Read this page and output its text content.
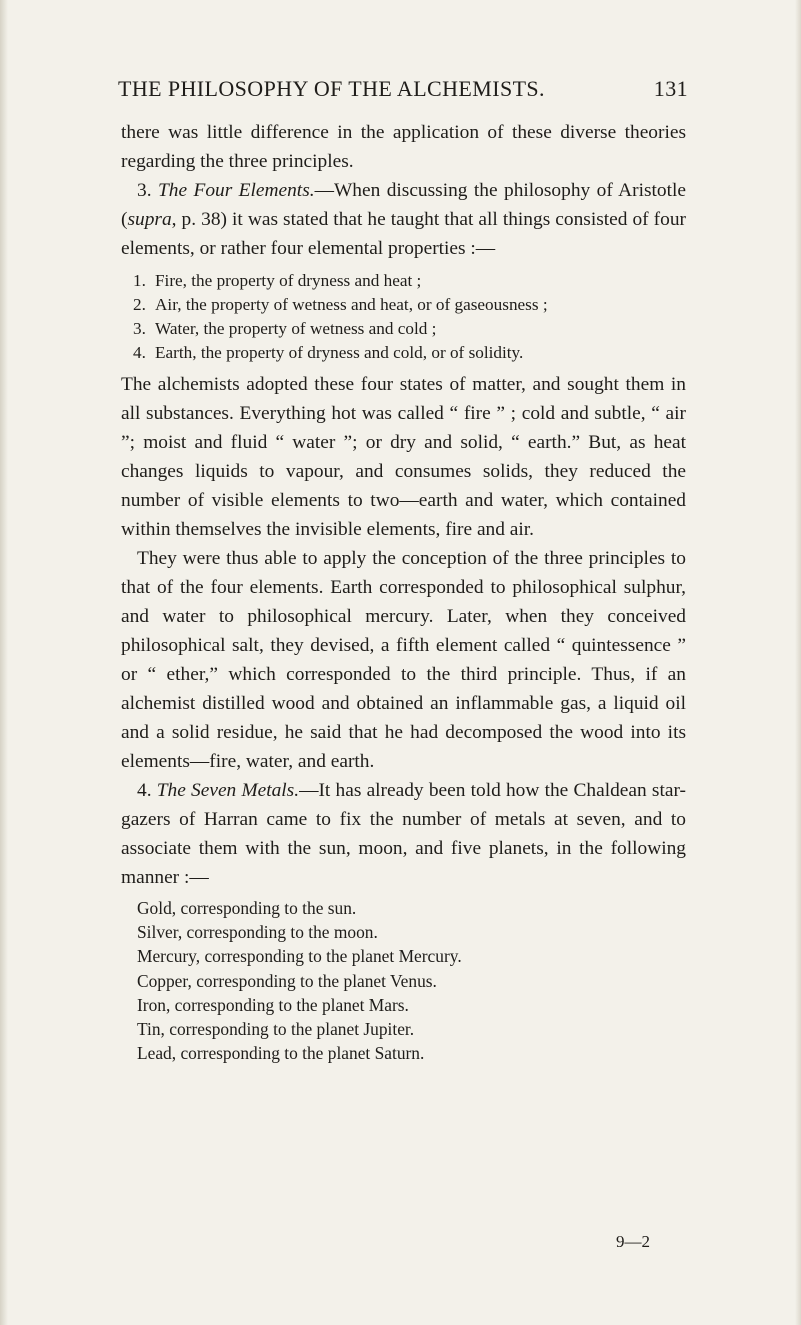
THE PHILOSOPHY OF THE ALCHEMISTS.	131

there was little difference in the application of these diverse theories regarding the three principles.

3. The Four Elements.—When discussing the philosophy of Aristotle (supra, p. 38) it was stated that he taught that all things consisted of four elements, or rather four elemental properties :—

1. Fire, the property of dryness and heat ;
2. Air, the property of wetness and heat, or of gaseousness ;
3. Water, the property of wetness and cold ;
4. Earth, the property of dryness and cold, or of solidity.

The alchemists adopted these four states of matter, and sought them in all substances. Everything hot was called “ fire ” ; cold and subtle, “ air ”; moist and fluid “ water ”; or dry and solid, “ earth.” But, as heat changes liquids to vapour, and consumes solids, they reduced the number of visible elements to two—earth and water, which contained within themselves the invisible elements, fire and air.

They were thus able to apply the conception of the three principles to that of the four elements. Earth corresponded to philosophical sulphur, and water to philosophical mercury. Later, when they conceived philosophical salt, they devised, a fifth element called “ quintessence ” or “ ether,” which corresponded to the third principle. Thus, if an alchemist distilled wood and obtained an inflammable gas, a liquid oil and a solid residue, he said that he had decomposed the wood into its elements—fire, water, and earth.

4. The Seven Metals.—It has already been told how the Chaldean star-gazers of Harran came to fix the number of metals at seven, and to associate them with the sun, moon, and five planets, in the following manner :—

Gold, corresponding to the sun.
Silver, corresponding to the moon.
Mercury, corresponding to the planet Mercury.
Copper, corresponding to the planet Venus.
Iron, corresponding to the planet Mars.
Tin, corresponding to the planet Jupiter.
Lead, corresponding to the planet Saturn.
9—2
